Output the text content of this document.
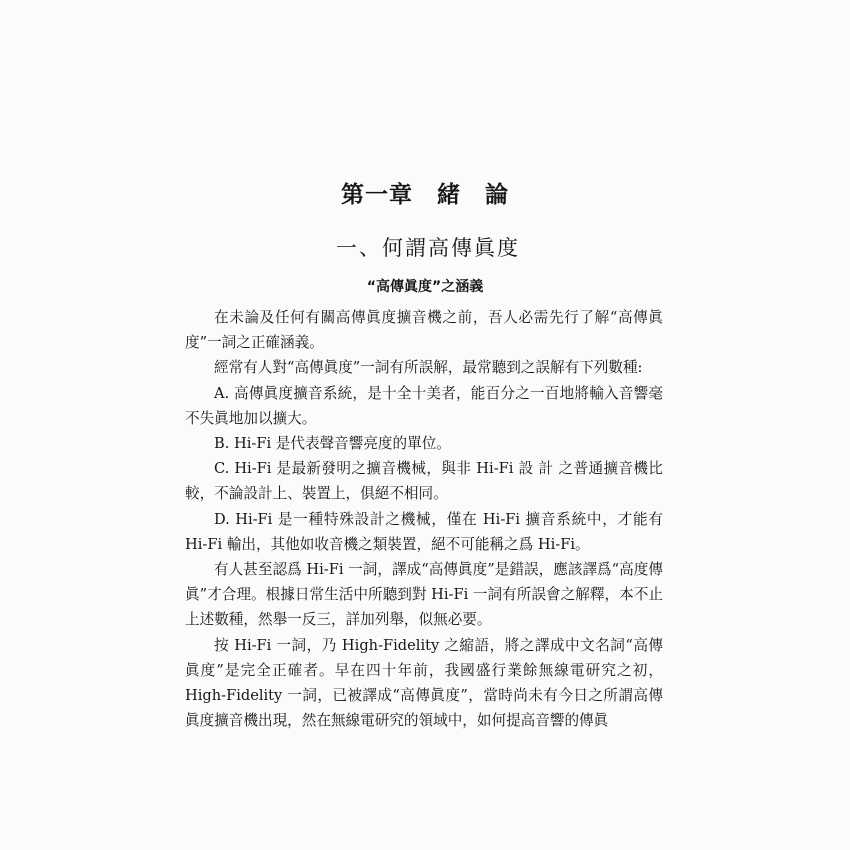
第一章　緒　論
一、何謂高傳眞度
“高傳眞度”之涵義

在未論及任何有關高傳眞度擴音機之前，吾人必需先行了解“高傳眞度”一詞之正確涵義。

經常有人對“高傳眞度”一詞有所誤解，最常聽到之誤解有下列數種:

A. 高傳眞度擴音系統，是十全十美者，能百分之一百地將輸入音響毫不失眞地加以擴大。

B. Hi-Fi 是代表聲音響亮度的單位。

C. Hi-Fi 是最新發明之擴音機械，與非 Hi-Fi 設 計 之普通擴音機比較，不論設計上、裝置上，俱絕不相同。

D. Hi-Fi 是一種特殊設計之機械，僅在 Hi-Fi 擴音系統中，才能有 Hi-Fi 輸出，其他如收音機之類裝置，絕不可能稱之爲 Hi-Fi。

有人甚至認爲 Hi-Fi 一詞，譯成“高傳眞度”是錯誤，應該譯爲“高度傳眞”才合理。根據日常生活中所聽到對 Hi-Fi 一詞有所誤會之解釋，本不止上述數種，然舉一反三，詳加列舉，似無必要。

按 Hi-Fi 一詞，乃 High-Fidelity 之縮語，將之譯成中文名詞“高傳眞度”是完全正確者。早在四十年前，我國盛行業餘無線電研究之初，High-Fidelity 一詞，已被譯成“高傳眞度”，當時尚未有今日之所謂高傳眞度擴音機出現，然在無線電研究的領域中，如何提高音響的傳眞
